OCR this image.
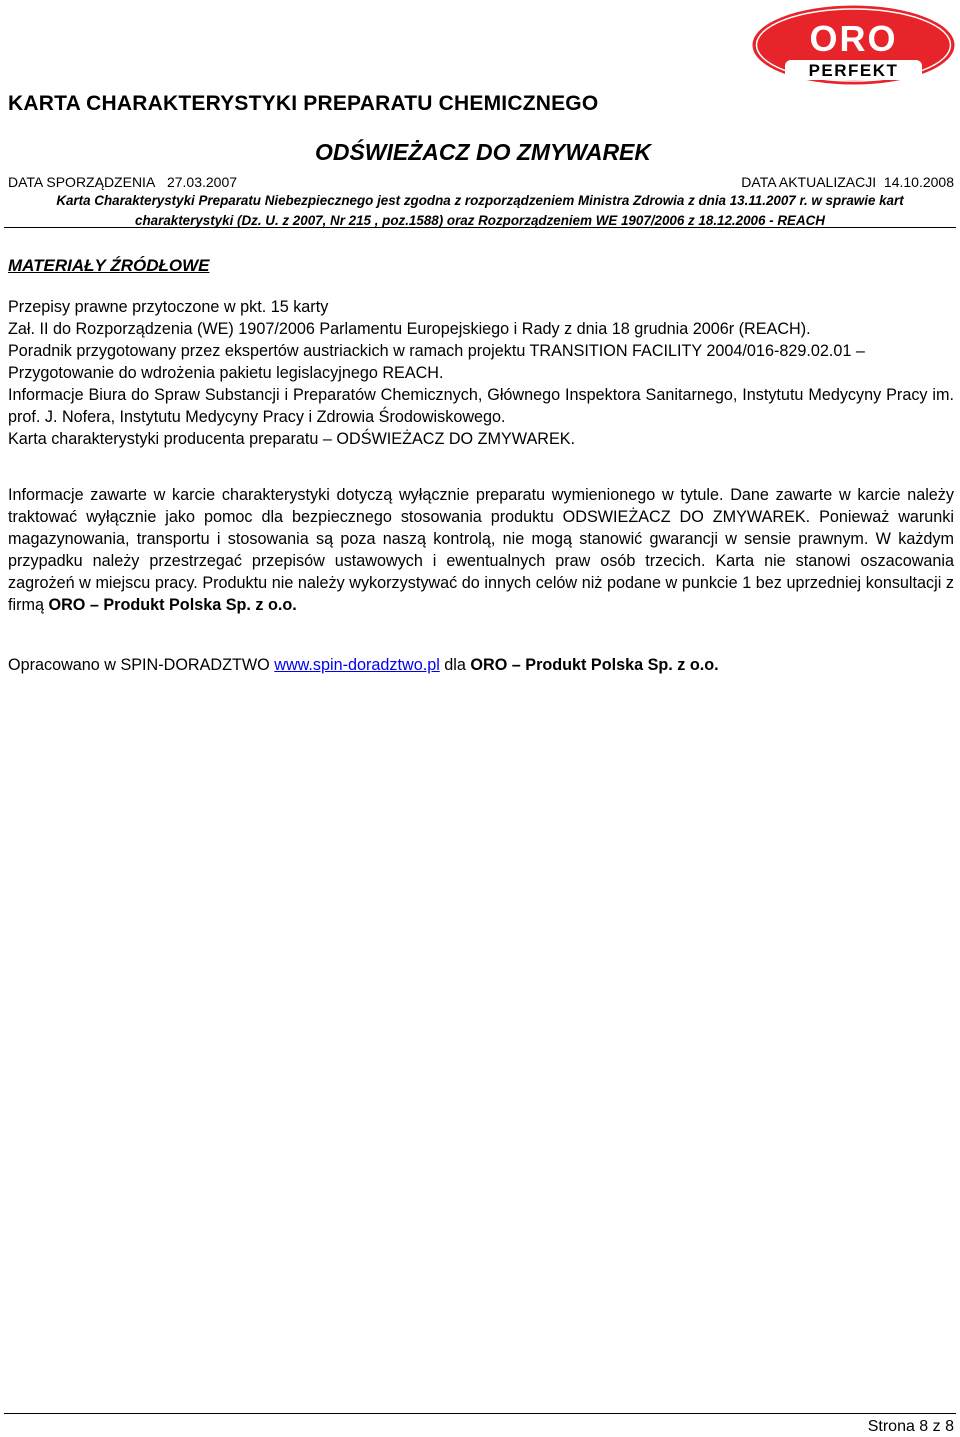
KARTA CHARAKTERYSTYKI PREPARATU CHEMICZNEGO
ORO
PERFEKT
ODŚWIEŻACZ DO ZMYWAREK
DATA SPORZĄDZENIA 27.03.2007	DATA AKTUALIZACJI 14.10.2008
Karta Charakterystyki Preparatu Niebezpiecznego jest zgodna z rozporządzeniem Ministra Zdrowia z dnia 13.11.2007 r. w sprawie kart
charakterystyki (Dz. U. z 2007, Nr 215 , poz.1588) oraz Rozporządzeniem WE 1907/2006 z 18.12.2006 - REACH
MATERIAŁY ŹRÓDŁOWE

Przepisy prawne przytoczone w pkt. 15 karty

Zał. II do Rozporządzenia (WE) 1907/2006 Parlamentu Europejskiego i Rady z dnia 18 grudnia 2006r (REACH).

Poradnik przygotowany przez ekspertów austriackich w ramach projektu TRANSITION FACILITY 2004/016-829.02.01 – Przygotowanie do wdrożenia pakietu legislacyjnego REACH.

Informacje Biura do Spraw Substancji i Preparatów Chemicznych, Głównego Inspektora Sanitarnego, Instytutu Medycyny Pracy im. prof. J. Nofera, Instytutu Medycyny Pracy i Zdrowia Środowiskowego.

Karta charakterystyki producenta preparatu – ODŚWIEŻACZ DO ZMYWAREK.

Informacje zawarte w karcie charakterystyki dotyczą wyłącznie preparatu wymienionego w tytule. Dane zawarte w karcie należy traktować wyłącznie jako pomoc dla bezpiecznego stosowania produktu ODSWIEŻACZ DO ZMYWAREK. Ponieważ warunki magazynowania, transportu i stosowania są poza naszą kontrolą, nie mogą stanowić gwarancji w sensie prawnym. W każdym przypadku należy przestrzegać przepisów ustawowych i ewentualnych praw osób trzecich. Karta nie stanowi oszacowania zagrożeń w miejscu pracy. Produktu nie należy wykorzystywać do innych celów niż podane w punkcie 1 bez uprzedniej konsultacji z firmą ORO – Produkt Polska Sp. z o.o.
Opracowano w SPIN-DORADZTWO www.spin-doradztwo.pl dla ORO – Produkt Polska Sp. z o.o.
Strona 8 z 8
